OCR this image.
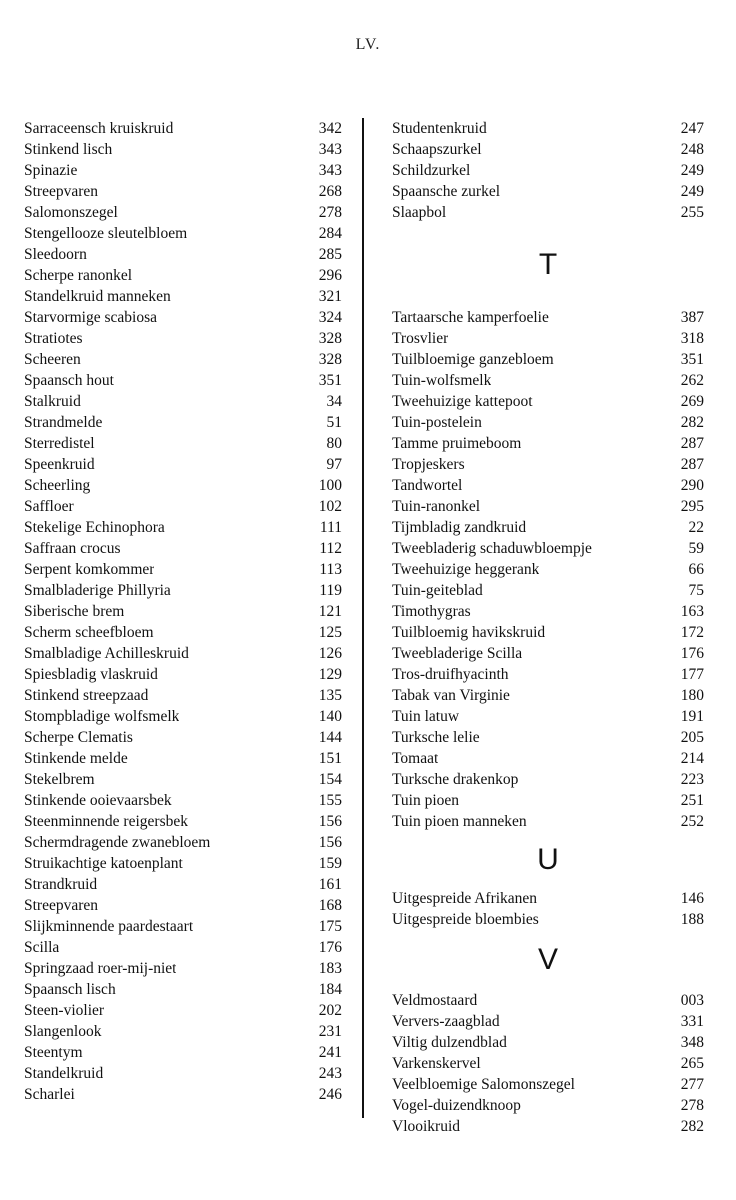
LV.
Sarraceensch kruiskruid	342
Stinkend lisch	343
Spinazie	343
Streepvaren	268
Salomonszegel	278
Stengellooze sleutelbloem	284
Sleedoorn	285
Scherpe ranonkel	296
Standelkruid manneken	321
Starvormige scabiosa	324
Stratiotes	328
Scheeren	328
Spaansch hout	351
Stalkruid	34
Strandmelde	51
Sterredistel	80
Speenkruid	97
Scheerling	100
Saffloer	102
Stekelige Echinophora	111
Saffraan crocus	112
Serpent komkommer	113
Smalbladerige Phillyria	119
Siberische brem	121
Scherm scheefbloem	125
Smalbladige Achilleskruid	126
Spiesbladig vlaskruid	129
Stinkend streepzaad	135
Stompbladige wolfsmelk	140
Scherpe Clematis	144
Stinkende melde	151
Stekelbrem	154
Stinkende ooievaarsbek	155
Steenminnende reigersbek	156
Schermdragende zwanebloem	156
Struikachtige katoenplant	159
Strandkruid	161
Streepvaren	168
Slijkminnende paardestaart	175
Scilla	176
Springzaad roer-mij-niet	183
Spaansch lisch	184
Steen-violier	202
Slangenlook	231
Steentym	241
Standelkruid	243
Scharlei	246
Studentenkruid	247
Schaapszurkel	248
Schildzurkel	249
Spaansche zurkel	249
Slaapbol	255
T
Tartaarsche kamperfoelie	387
Trosvlier	318
Tuilbloemige ganzebloem	351
Tuin-wolfsmelk	262
Tweehuizige kattepoot	269
Tuin-postelein	282
Tamme pruimeboom	287
Tropjeskers	287
Tandwortel	290
Tuin-ranonkel	295
Tijmbladig zandkruid	22
Tweebladerig schaduwbloempje	59
Tweehuizige heggerank	66
Tuin-geiteblad	75
Timothygras	163
Tuilbloemig havikskruid	172
Tweebladerige Scilla	176
Tros-druifhyacinth	177
Tabak van Virginie	180
Tuin latuw	191
Turksche lelie	205
Tomaat	214
Turksche drakenkop	223
Tuin pioen	251
Tuin pioen manneken	252
U
Uitgespreide Afrikanen	146
Uitgespreide bloembies	188
V
Veldmostaard	003
Ververs-zaagblad	331
Viltig dulzendblad	348
Varkenskervel	265
Veelbloemige Salomonszegel	277
Vogel-duizendknoop	278
Vlooikruid	282
